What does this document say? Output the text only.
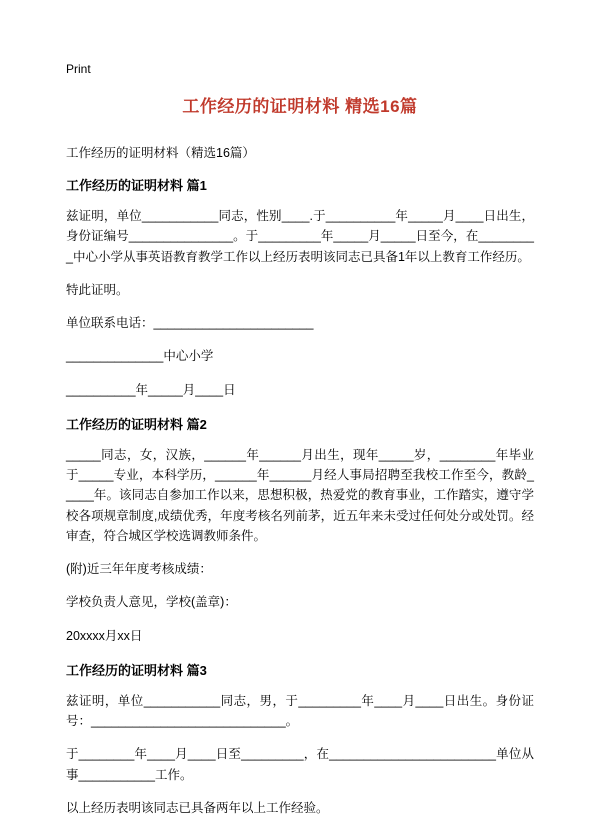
Print
工作经历的证明材料 精选16篇

工作经历的证明材料（精选16篇）

工作经历的证明材料 篇1

兹证明，单位___________同志，性别____.于__________年_____月____日出生，身份证编号_______________。于_________年_____月_____日至今，在_________中心小学从事英语教育教学工作以上经历表明该同志已具备1年以上教育工作经历。

特此证明。

单位联系电话：_______________________

______________中心小学

__________年_____月____日

工作经历的证明材料 篇2

_____同志，女，汉族，______年______月出生，现年_____岁，________年毕业于_____专业，本科学历，______年______月经人事局招聘至我校工作至今，教龄_____年。该同志自参加工作以来，思想积极，热爱党的教育事业，工作踏实，遵守学校各项规章制度,成绩优秀，年度考核名列前茅，近五年来未受过任何处分或处罚。经审查，符合城区学校选调教师条件。

(附)近三年年度考核成绩：

学校负责人意见，学校(盖章)：

20xxxx月xx日

工作经历的证明材料 篇3

兹证明，单位___________同志，男，于_________年____月____日出生。身份证号：____________________________。

于________年____月____日至_________，在________________________单位从事___________工作。

以上经历表明该同志已具备两年以上工作经验。
